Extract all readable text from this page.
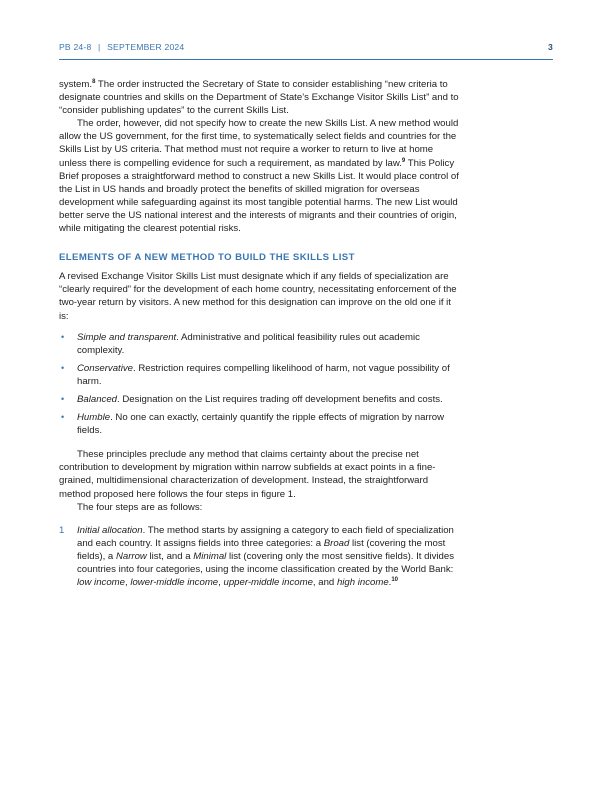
PB 24-8 | SEPTEMBER 2024	3

system.$^8$ The order instructed the Secretary of State to consider establishing “new criteria to designate countries and skills on the Department of State’s Exchange Visitor Skills List” and to “consider publishing updates” to the current Skills List.

The order, however, did not specify how to create the new Skills List. A new method would allow the US government, for the first time, to systematically select fields and countries for the Skills List by US criteria. That method must not require a worker to return to live at home unless there is compelling evidence for such a requirement, as mandated by law.$^9$ This Policy Brief proposes a straightforward method to construct a new Skills List. It would place control of the List in US hands and broadly protect the benefits of skilled migration for overseas development while safeguarding against its most tangible potential harms. The new List would better serve the US national interest and the interests of migrants and their countries of origin, while mitigating the clearest potential risks.

ELEMENTS OF A NEW METHOD TO BUILD THE SKILLS LIST

A revised Exchange Visitor Skills List must designate which if any fields of specialization are “clearly required” for the development of each home country, necessitating enforcement of the two-year return by visitors. A new method for this designation can improve on the old one if it is:

• Simple and transparent. Administrative and political feasibility rules out academic complexity.
• Conservative. Restriction requires compelling likelihood of harm, not vague possibility of harm.
• Balanced. Designation on the List requires trading off development benefits and costs.
• Humble. No one can exactly, certainly quantify the ripple effects of migration by narrow fields.

These principles preclude any method that claims certainty about the precise net contribution to development by migration within narrow subfields at exact points in a fine-grained, multidimensional characterization of development. Instead, the straightforward method proposed here follows the four steps in figure 1.

The four steps are as follows:

1 Initial allocation. The method starts by assigning a category to each field of specialization and each country. It assigns fields into three categories: a Broad list (covering the most fields), a Narrow list, and a Minimal list (covering only the most sensitive fields). It divides countries into four categories, using the income classification created by the World Bank: low income, lower-middle income, upper-middle income, and high income.$^{10}$
